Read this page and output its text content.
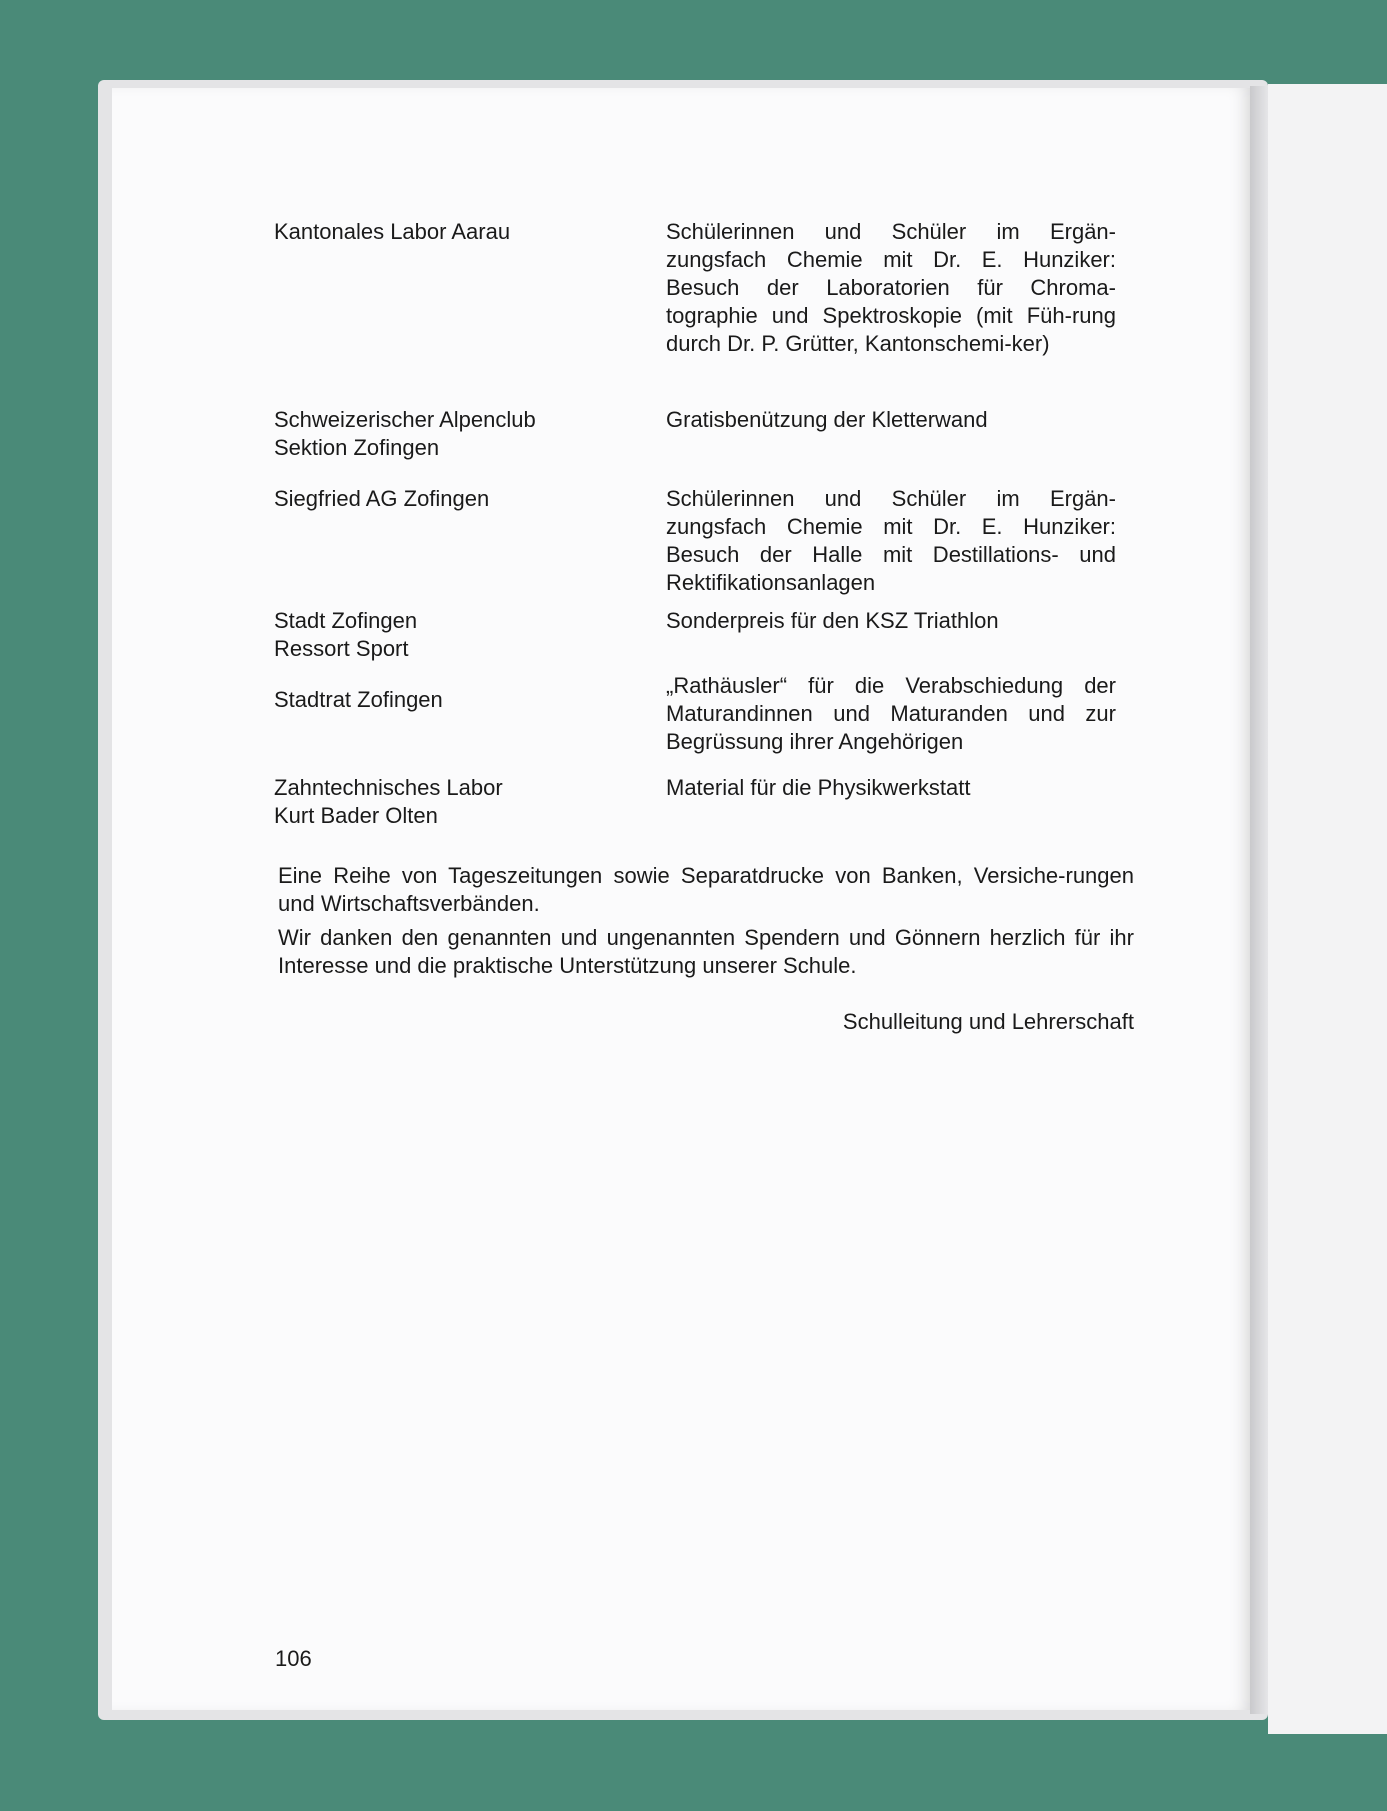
Kantonales Labor Aarau	Schülerinnen und Schüler im Ergän-zungsfach Chemie mit Dr. E. Hunziker: Besuch der Laboratorien für Chroma-tographie und Spektroskopie (mit Füh-rung durch Dr. P. Grütter, Kantonschemi-ker)
Schweizerischer Alpenclub
Sektion Zofingen
Gratisbenützung der Kletterwand
Siegfried AG Zofingen	Schülerinnen und Schüler im Ergän-zungsfach Chemie mit Dr. E. Hunziker: Besuch der Halle mit Destillations- und Rektifikationsanlagen
Stadt Zofingen
Ressort Sport
Sonderpreis für den KSZ Triathlon
Stadtrat Zofingen
„Rathäusler“ für die Verabschiedung der Maturandinnen und Maturanden und zur Begrüssung ihrer Angehörigen
Zahntechnisches Labor
Kurt Bader Olten
Material für die Physikwerkstatt
Eine Reihe von Tageszeitungen sowie Separatdrucke von Banken, Versiche-rungen und Wirtschaftsverbänden.
Wir danken den genannten und ungenannten Spendern und Gönnern herzlich für ihr Interesse und die praktische Unterstützung unserer Schule.
Schulleitung und Lehrerschaft
106
